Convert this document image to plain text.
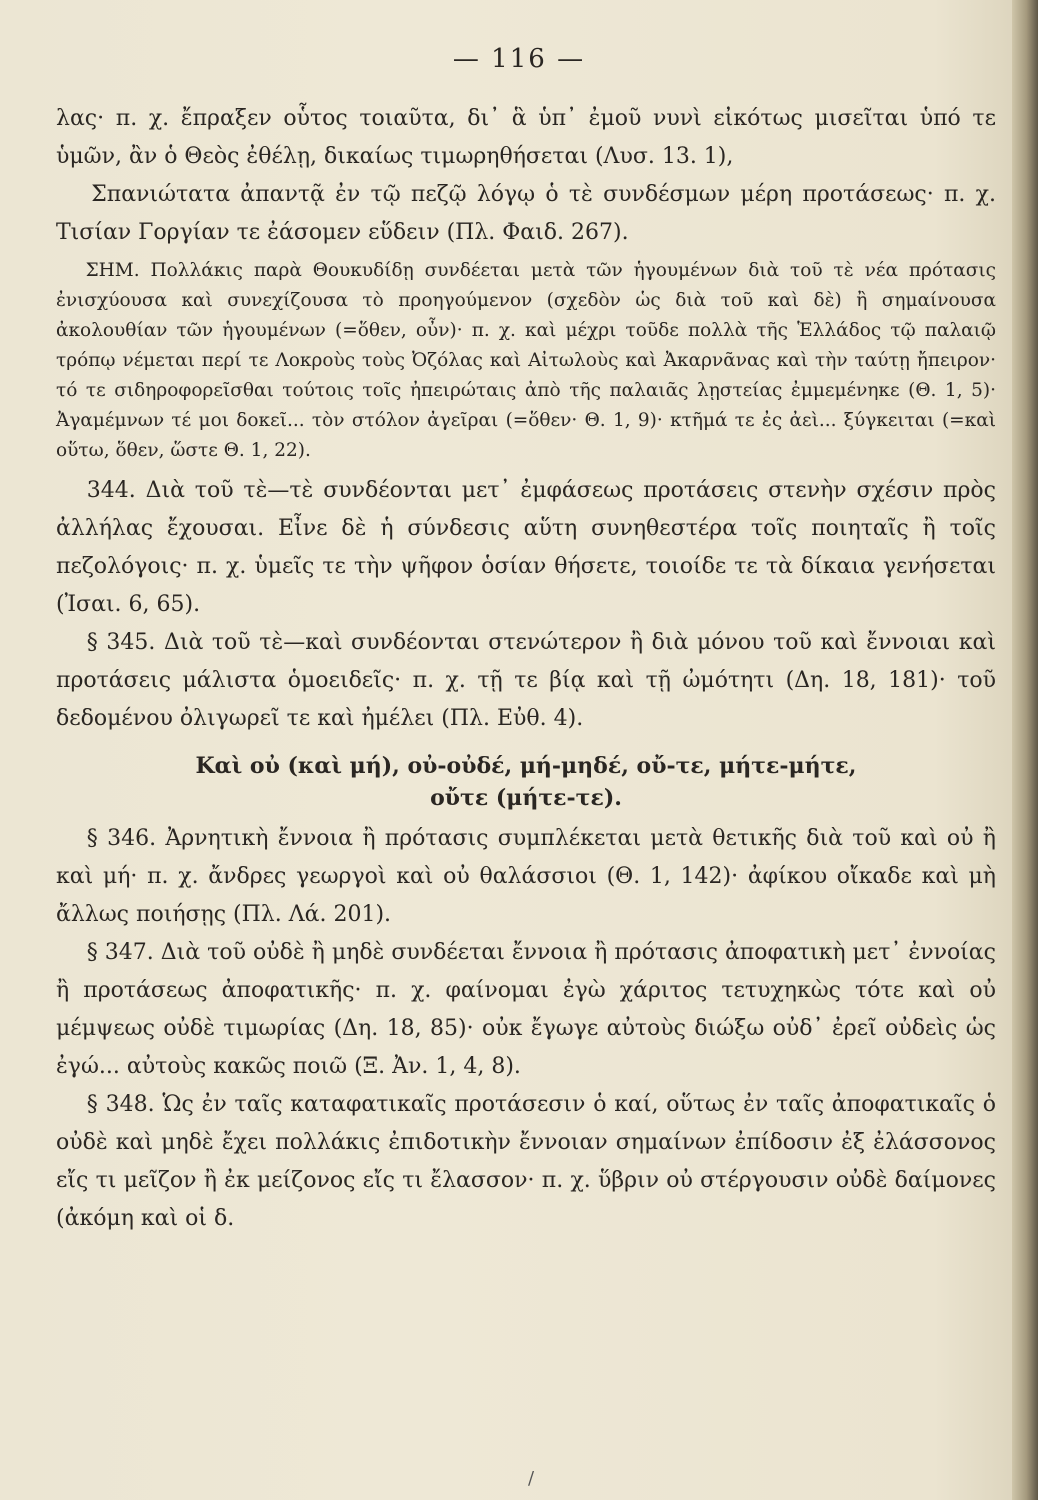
— 116 —

λας· π. χ. ἔπραξεν οὗτος τοιαῦτα, δι᾽ ἃ ὑπ᾽ ἐμοῦ νυνὶ εἰκότως μισεῖται ὑπό τε ὑμῶν, ἂν ὁ Θεὸς ἐθέλῃ, δικαίως τιμωρηθήσεται (Λυσ. 13. 1),

Σπανιώτατα ἀπαντᾷ ἐν τῷ πεζῷ λόγῳ ὁ τὲ συνδέσμων μέρη προτάσεως· π. χ. Τισίαν Γοργίαν τε ἐάσομεν εὕδειν (Πλ. Φαιδ. 267).

ΣΗΜ. Πολλάκις παρὰ Θουκυδίδῃ συνδέεται μετὰ τῶν ἡγουμένων διὰ τοῦ τὲ νέα πρότασις ἐνισχύουσα καὶ συνεχίζουσα τὸ προηγούμενον (σχεδὸν ὡς διὰ τοῦ καὶ δὲ) ἢ σημαίνουσα ἀκολουθίαν τῶν ἡγουμένων (=ὅθεν, οὖν)· π. χ. καὶ μέχρι τοῦδε πολλὰ τῆς Ἑλλάδος τῷ παλαιῷ τρόπῳ νέμεται περί τε Λοκροὺς τοὺς Ὀζόλας καὶ Αἰτωλοὺς καὶ Ἀκαρνᾶνας καὶ τὴν ταύτῃ ἤπειρον· τό τε σιδηροφορεῖσθαι τούτοις τοῖς ἠπειρώταις ἀπὸ τῆς παλαιᾶς λῃστείας ἐμμεμένηκε (Θ. 1, 5)· Ἀγαμέμνων τέ μοι δοκεῖ... τὸν στόλον ἀγεῖραι (=ὅθεν· Θ. 1, 9)· κτῆμά τε ἐς ἀεὶ... ξύγκειται (=καὶ οὕτω, ὅθεν, ὥστε Θ. 1, 22).

344. Διὰ τοῦ τὲ—τὲ συνδέονται μετ᾽ ἐμφάσεως προτάσεις στενὴν σχέσιν πρὸς ἀλλήλας ἔχουσαι. Εἶνε δὲ ἡ σύνδεσις αὕτη συνηθεστέρα τοῖς ποιηταῖς ἢ τοῖς πεζολόγοις· π. χ. ὑμεῖς τε τὴν ψῆφον ὁσίαν θήσετε, τοιοίδε τε τὰ δίκαια γενήσεται (Ἰσαι. 6, 65).

§ 345. Διὰ τοῦ τὲ—καὶ συνδέονται στενώτερον ἢ διὰ μόνου τοῦ καὶ ἔννοιαι καὶ προτάσεις μάλιστα ὁμοειδεῖς· π. χ. τῇ τε βίᾳ καὶ τῇ ὠμότητι (Δη. 18, 181)· τοῦ δεδομένου ὀλιγωρεῖ τε καὶ ἠμέλει (Πλ. Εὐθ. 4).

Καὶ οὐ (καὶ μή), οὐ-οὐδέ, μή-μηδέ, οὔ-τε, μήτε-μήτε,
οὔτε (μήτε-τε).

§ 346. Ἀρνητικὴ ἔννοια ἢ πρότασις συμπλέκεται μετὰ θετικῆς διὰ τοῦ καὶ οὐ ἢ καὶ μή· π. χ. ἄνδρες γεωργοὶ καὶ οὐ θαλάσσιοι (Θ. 1, 142)· ἀφίκου οἴκαδε καὶ μὴ ἄλλως ποιήσῃς (Πλ. Λά. 201).

§ 347. Διὰ τοῦ οὐδὲ ἢ μηδὲ συνδέεται ἔννοια ἢ πρότασις ἀποφατικὴ μετ᾽ ἐννοίας ἢ προτάσεως ἀποφατικῆς· π. χ. φαίνομαι ἐγὼ χάριτος τετυχηκὼς τότε καὶ οὐ μέμψεως οὐδὲ τιμωρίας (Δη. 18, 85)· οὐκ ἔγωγε αὐτοὺς διώξω οὐδ᾽ ἐρεῖ οὐδεὶς ὡς ἐγώ... αὐτοὺς κακῶς ποιῶ (Ξ. Ἀν. 1, 4, 8).

§ 348. Ὡς ἐν ταῖς καταφατικαῖς προτάσεσιν ὁ καί, οὕτως ἐν ταῖς ἀποφατικαῖς ὁ οὐδὲ καὶ μηδὲ ἔχει πολλάκις ἐπιδοτικὴν ἔννοιαν σημαίνων ἐπίδοσιν ἐξ ἐλάσσονος εἴς τι μεῖζον ἢ ἐκ μείζονος εἴς τι ἔλασσον· π. χ. ὕβριν οὐ στέργουσιν οὐδὲ δαίμονες (ἀκόμη καὶ οἱ δ.

/
